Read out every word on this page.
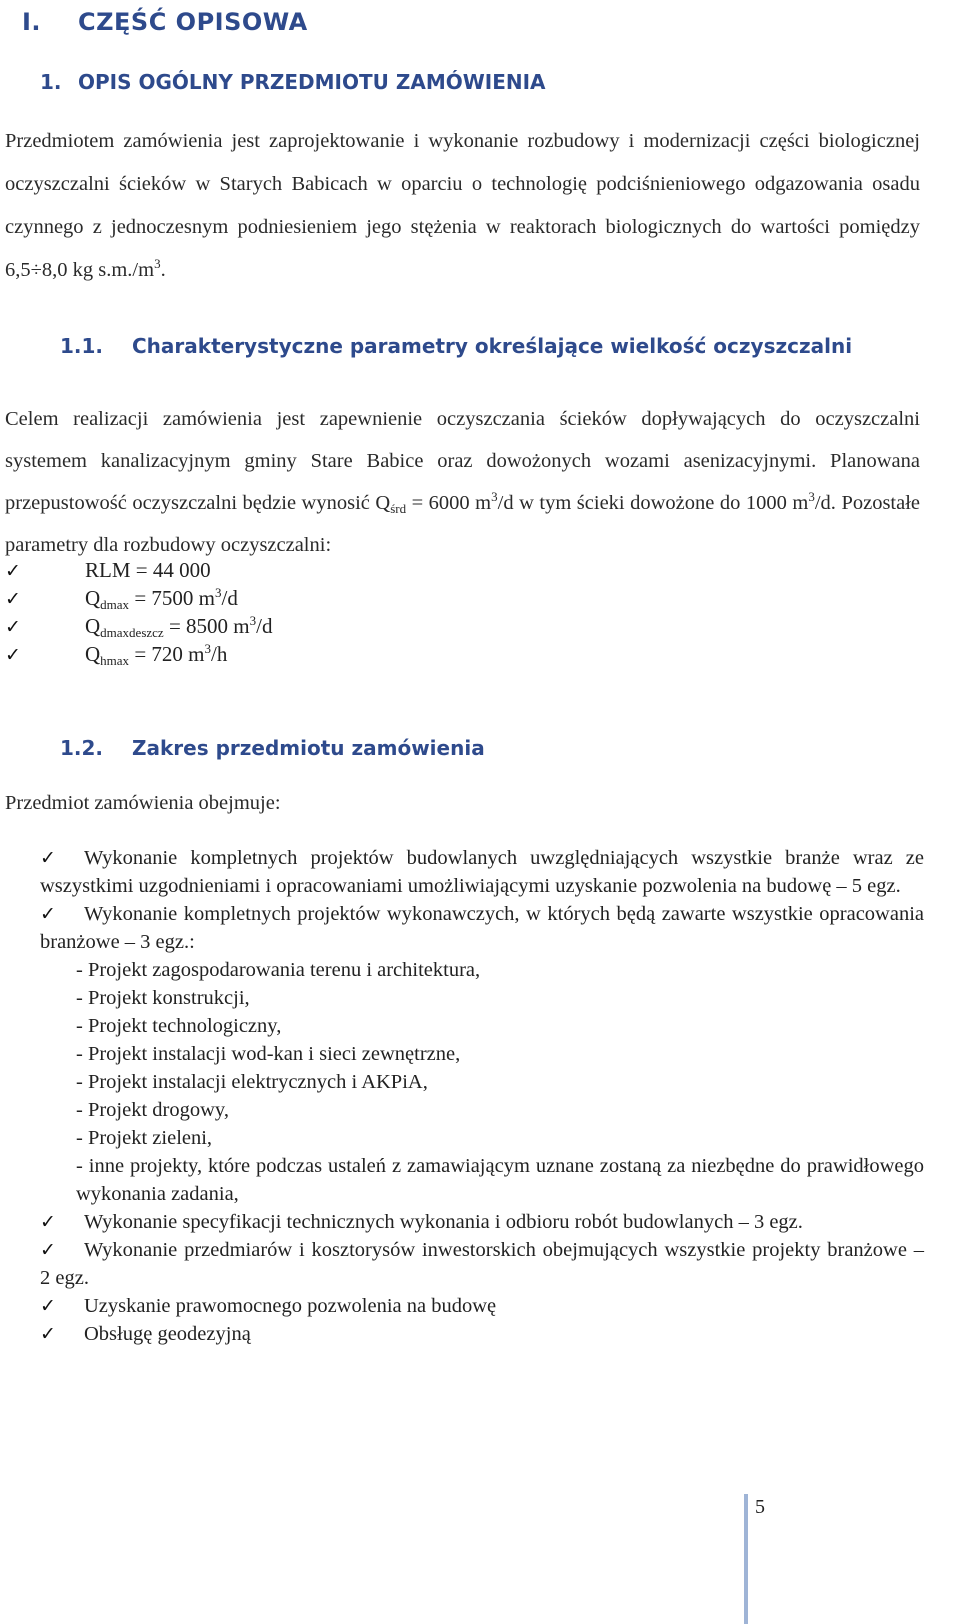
I. CZĘŚĆ OPISOWA
1. OPIS OGÓLNY PRZEDMIOTU ZAMÓWIENIA

Przedmiotem zamówienia jest zaprojektowanie i wykonanie rozbudowy i modernizacji części biologicznej oczyszczalni ścieków w Starych Babicach w oparciu o technologię podciśnieniowego odgazowania osadu czynnego z jednoczesnym podniesieniem jego stężenia w reaktorach biologicznych do wartości pomiędzy 6,5÷8,0 kg $s.m./m^3$.

1.1. Charakterystyczne parametry określające wielkość oczyszczalni

Celem realizacji zamówienia jest zapewnienie oczyszczania ścieków dopływających do oczyszczalni systemem kanalizacyjnym gminy Stare Babice oraz dowożonych wozami asenizacyjnymi. Planowana przepustowość oczyszczalni będzie wynosić $Q_{śrd} = 6000$ $m^3/d$ w tym ścieki dowożone do 1000 $m^3/d$. Pozostałe parametry dla rozbudowy oczyszczalni:

✓	RLM = 44 000
✓	$Q_{dmax} = 7500$ $m^3/d$
✓	$Q_{dmaxdeszcz} = 8500$ $m^3/d$
✓	$Q_{hmax} = 720$ $m^3/h$
1.2. Zakres przedmiotu zamówienia

Przedmiot zamówienia obejmuje:

✓ Wykonanie kompletnych projektów budowlanych uwzględniających wszystkie branże wraz ze wszystkimi uzgodnieniami i opracowaniami umożliwiającymi uzyskanie pozwolenia na budowę – 5 egz.
✓ Wykonanie kompletnych projektów wykonawczych, w których będą zawarte wszystkie opracowania branżowe – 3 egz.:
- Projekt zagospodarowania terenu i architektura,
- Projekt konstrukcji,
- Projekt technologiczny,
- Projekt instalacji wod-kan i sieci zewnętrzne,
- Projekt instalacji elektrycznych i AKPiA,
- Projekt drogowy,
- Projekt zieleni,
- inne projekty, które podczas ustaleń z zamawiającym uznane zostaną za niezbędne do prawidłowego wykonania zadania,
✓ Wykonanie specyfikacji technicznych wykonania i odbioru robót budowlanych – 3 egz.
✓ Wykonanie przedmiarów i kosztorysów inwestorskich obejmujących wszystkie projekty branżowe – 2 egz.
✓ Uzyskanie prawomocnego pozwolenia na budowę
✓ Obsługę geodezyjną
5
